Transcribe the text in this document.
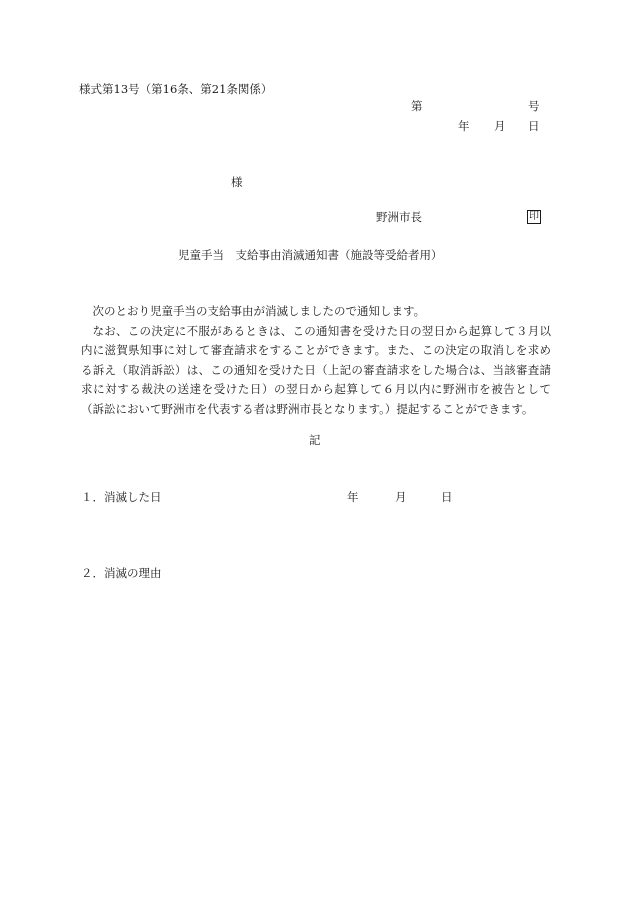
様式第13号（第16条、第21条関係）
第	号
年 月 日
様
野洲市長	印
児童手当　支給事由消滅通知書（施設等受給者用）

次のとおり児童手当の支給事由が消滅しましたので通知します。

なお、この決定に不服があるときは、この通知書を受けた日の翌日から起算して３月以内に滋賀県知事に対して審査請求をすることができます。また、この決定の取消しを求める訴え（取消訴訟）は、この通知を受けた日（上記の審査請求をした場合は、当該審査請求に対する裁決の送達を受けた日）の翌日から起算して６月以内に野洲市を被告として（訴訟において野洲市を代表する者は野洲市長となります。）提起することができます。

記
１．消滅した日	年	月	日
２．消滅の理由
